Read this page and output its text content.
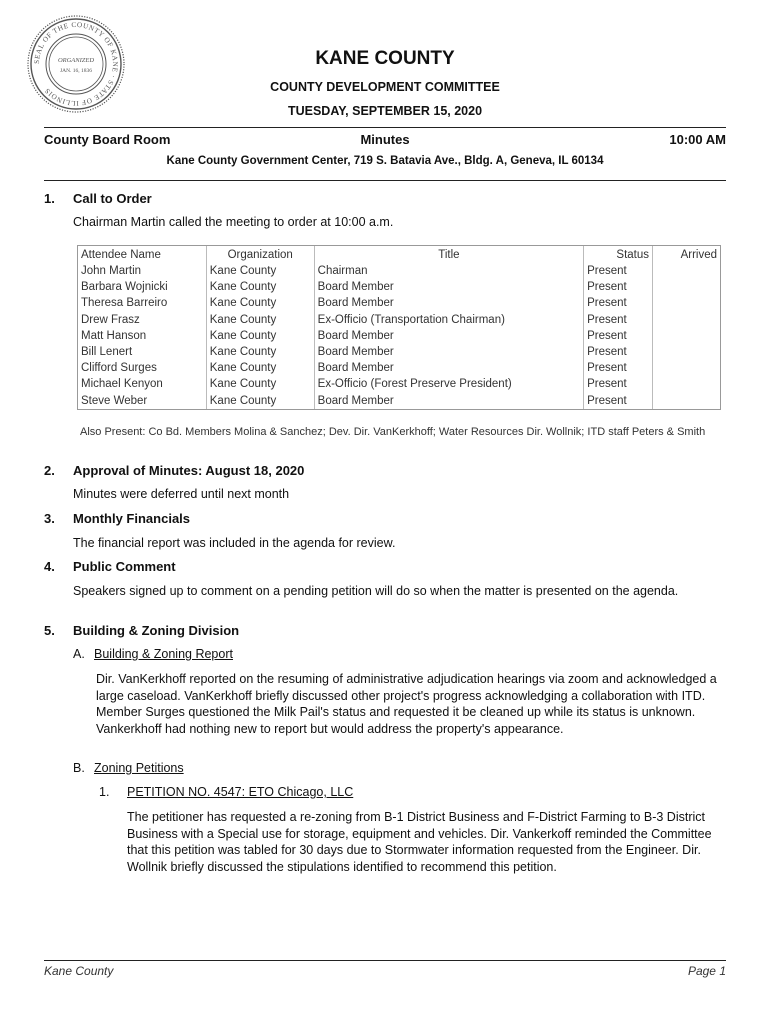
SEAL OF THE COUNTY OF KANE · STATE OF ILLINOIS
ORGANIZED
JAN. 16, 1836
KANE COUNTY
COUNTY DEVELOPMENT COMMITTEE
TUESDAY, SEPTEMBER 15, 2020
Minutes
County Board Room	10:00 AM
Kane County Government Center, 719 S. Batavia Ave., Bldg. A, Geneva, IL 60134
1. Call to Order
Chairman Martin called the meeting to order at 10:00 a.m.
Attendee Name	Organization	Title	Status	Arrived
John Martin	Kane County	Chairman	Present	
Barbara Wojnicki	Kane County	Board Member	Present	
Theresa Barreiro	Kane County	Board Member	Present	
Drew Frasz	Kane County	Ex-Officio (Transportation Chairman)	Present	
Matt Hanson	Kane County	Board Member	Present	
Bill Lenert	Kane County	Board Member	Present	
Clifford Surges	Kane County	Board Member	Present	
Michael Kenyon	Kane County	Ex-Officio (Forest Preserve President)	Present	
Steve Weber	Kane County	Board Member	Present	
Also Present: Co Bd. Members Molina & Sanchez; Dev. Dir. VanKerkhoff; Water Resources Dir. Wollnik; ITD staff Peters & Smith
2. Approval of Minutes: August 18, 2020
Minutes were deferred until next month
3. Monthly Financials
The financial report was included in the agenda for review.
4. Public Comment
Speakers signed up to comment on a pending petition will do so when the matter is presented on the agenda.
5. Building & Zoning Division
A. Building & Zoning Report
Dir. VanKerkhoff reported on the resuming of administrative adjudication hearings via zoom and acknowledged a large caseload. VanKerkhoff briefly discussed other project's progress acknowledging a collaboration with ITD. Member Surges questioned the Milk Pail's status and requested it be cleaned up while its status is unknown. Vankerkhoff had nothing new to report but would address the property's appearance.
B. Zoning Petitions
1. PETITION NO. 4547: ETO Chicago, LLC
The petitioner has requested a re-zoning from B-1 District Business and F-District Farming to B-3 District Business with a Special use for storage, equipment and vehicles. Dir. Vankerkoff reminded the Committee that this petition was tabled for 30 days due to Stormwater information requested from the Engineer. Dir. Wollnik briefly discussed the stipulations identified to recommend this petition.
Kane County	Page 1
